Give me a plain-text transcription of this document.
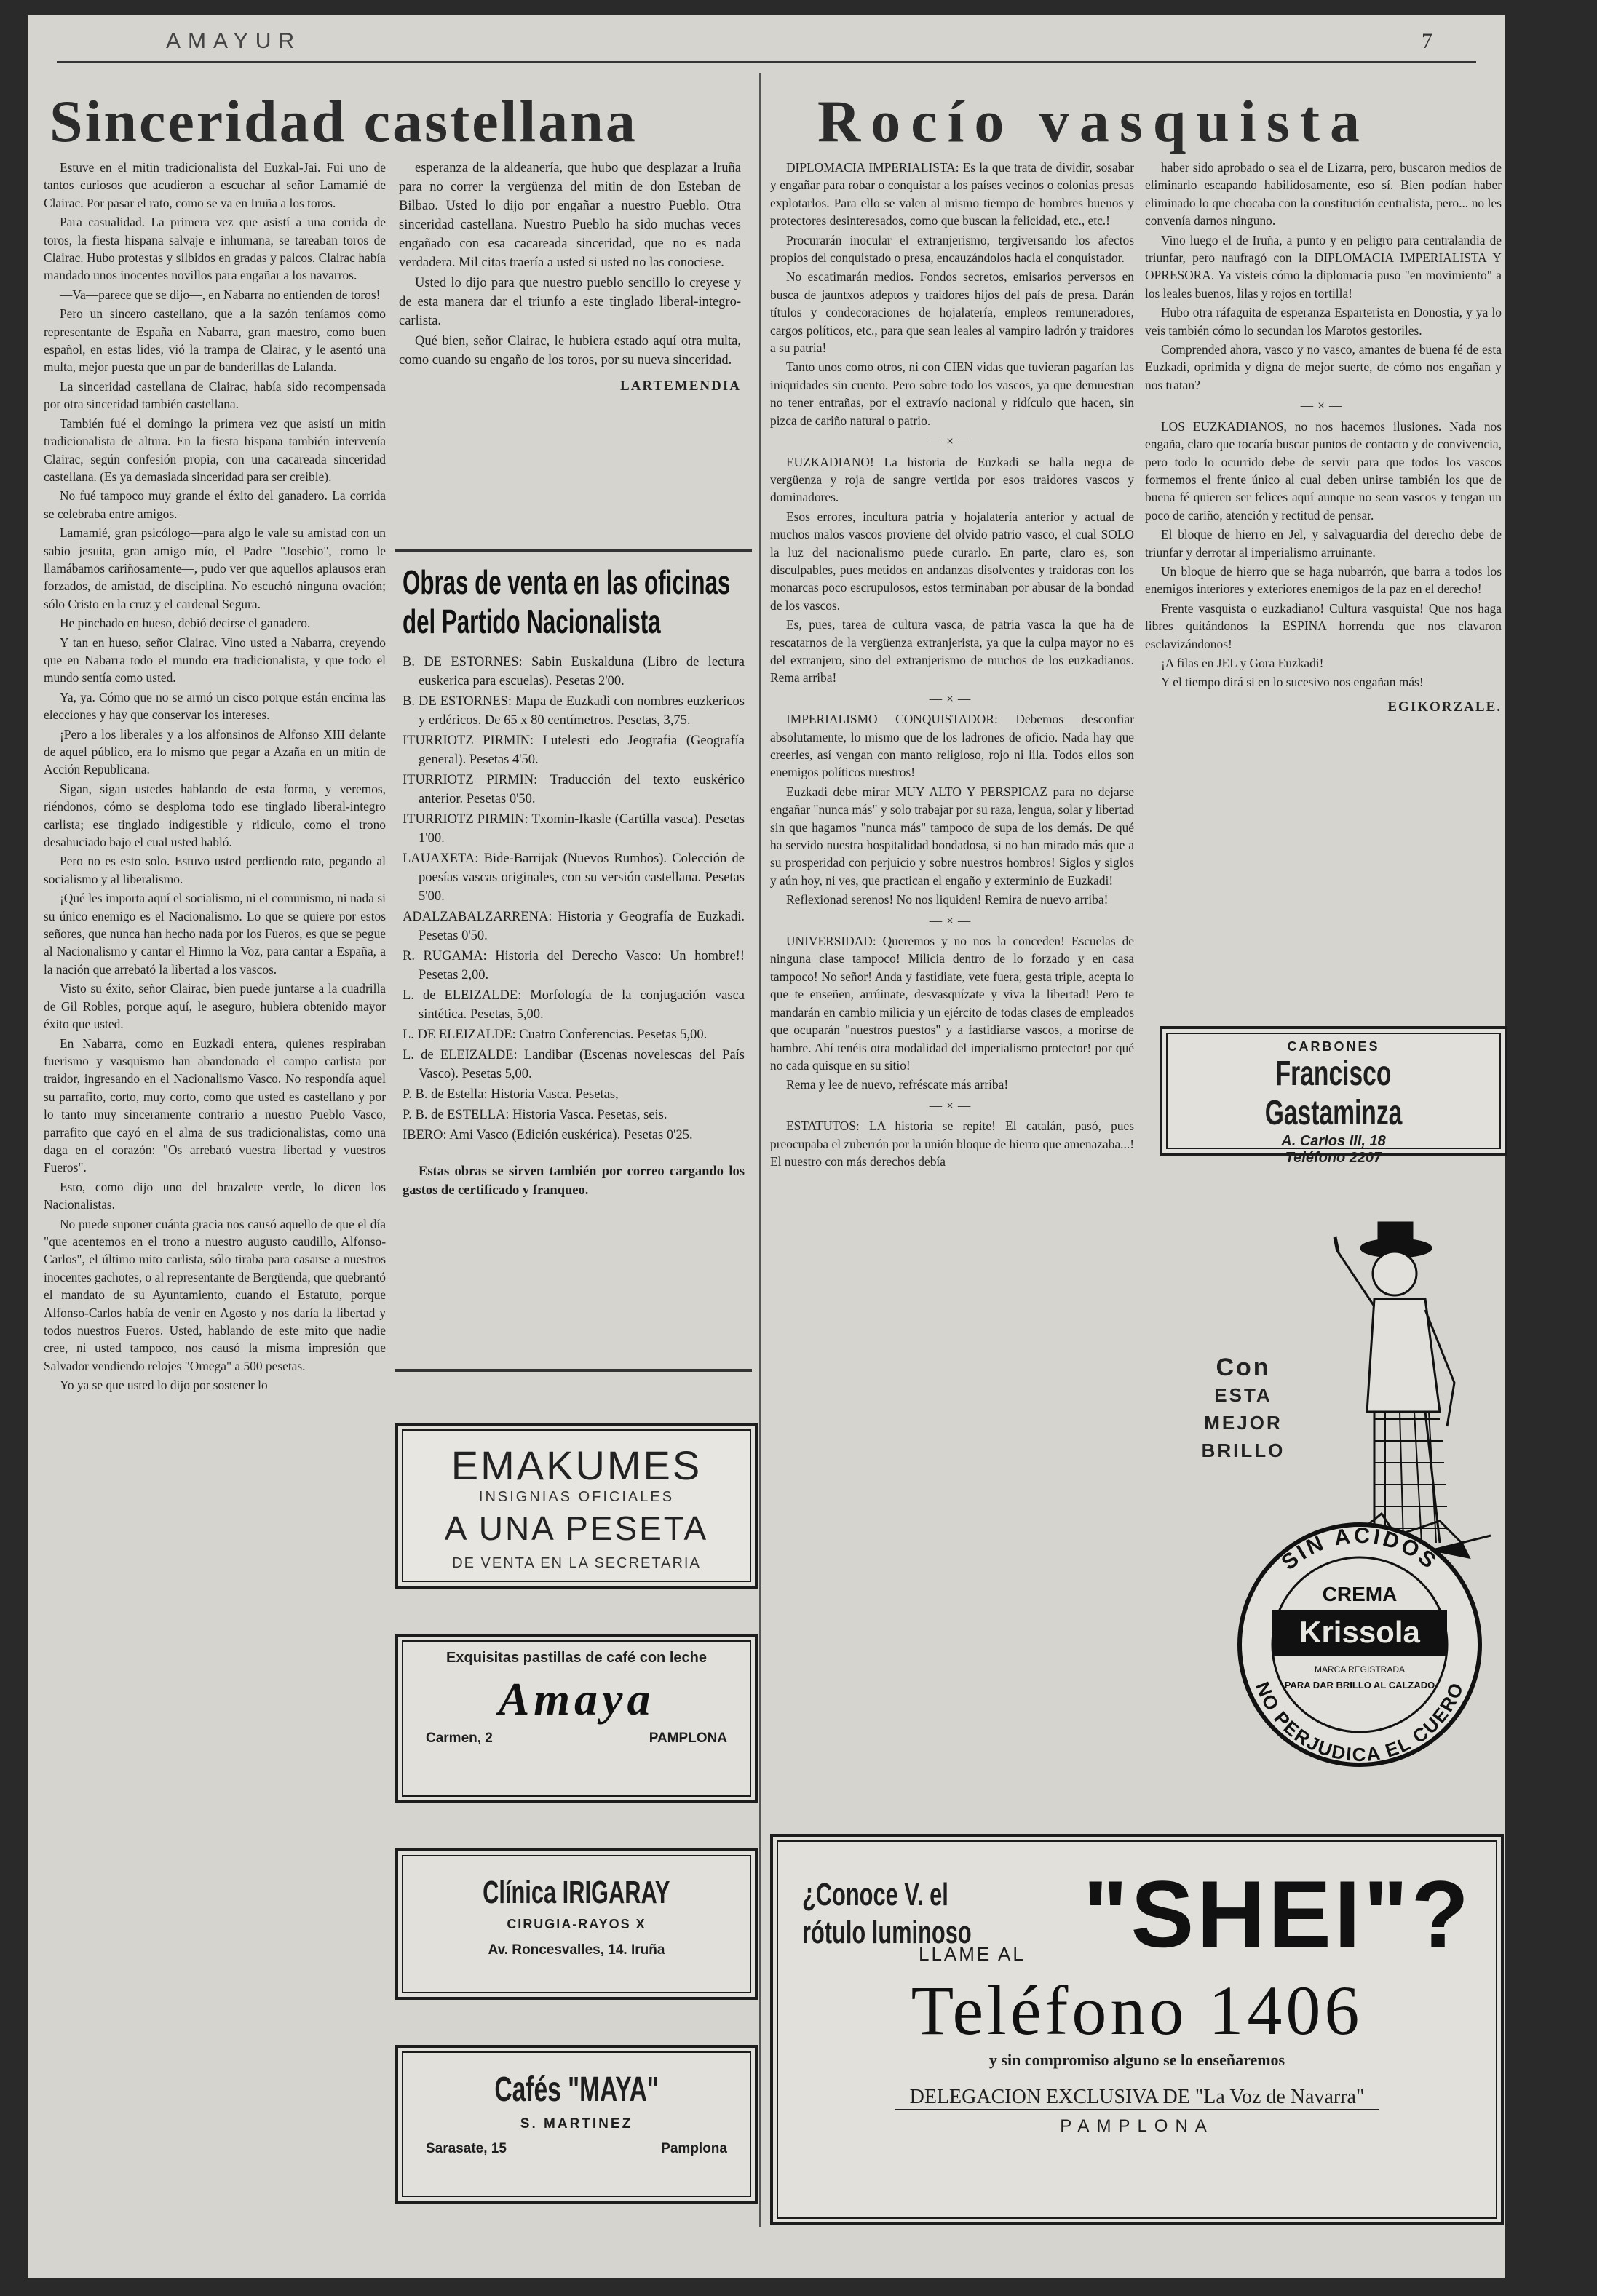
AMAYUR	7
Sinceridad castellana	Rocío vasquista

Estuve en el mitin tradicionalista del Euzkal-Jai. Fui uno de tantos curiosos que acudieron a escuchar al señor Lamamié de Clairac. Por pasar el rato, como se va en Iruña a los toros.

Para casualidad. La primera vez que asistí a una corrida de toros, la fiesta hispana salvaje e inhumana, se tareaban toros de Clairac. Hubo protestas y silbidos en gradas y palcos. Clairac había mandado unos inocentes novillos para engañar a los navarros.

—Va—parece que se dijo—, en Nabarra no entienden de toros!

Pero un sincero castellano, que a la sazón teníamos como representante de España en Nabarra, gran maestro, como buen español, en estas lides, vió la trampa de Clairac, y le asentó una multa, mejor puesta que un par de banderillas de Lalanda.

La sinceridad castellana de Clairac, había sido recompensada por otra sinceridad también castellana.

También fué el domingo la primera vez que asistí un mitin tradicionalista de altura. En la fiesta hispana también intervenía Clairac, según confesión propia, con una cacareada sinceridad castellana. (Es ya demasiada sinceridad para ser creible).

No fué tampoco muy grande el éxito del ganadero. La corrida se celebraba entre amigos.

Lamamié, gran psicólogo—para algo le vale su amistad con un sabio jesuita, gran amigo mío, el Padre "Josebio", como le llamábamos cariñosamente—, pudo ver que aquellos aplausos eran forzados, de amistad, de disciplina. No escuchó ninguna ovación; sólo Cristo en la cruz y el cardenal Segura.

He pinchado en hueso, debió decirse el ganadero.

Y tan en hueso, señor Clairac. Vino usted a Nabarra, creyendo que en Nabarra todo el mundo era tradicionalista, y que todo el mundo sentía como usted.

Ya, ya. Cómo que no se armó un cisco porque están encima las elecciones y hay que conservar los intereses.

¡Pero a los liberales y a los alfonsinos de Alfonso XIII delante de aquel público, era lo mismo que pegar a Azaña en un mitin de Acción Republicana.

Sigan, sigan ustedes hablando de esta forma, y veremos, riéndonos, cómo se desploma todo ese tinglado liberal-integro carlista; ese tinglado indigestible y ridiculo, como el trono desahuciado bajo el cual usted habló.

Pero no es esto solo. Estuvo usted perdiendo rato, pegando al socialismo y al liberalismo.

¡Qué les importa aquí el socialismo, ni el comunismo, ni nada si su único enemigo es el Nacionalismo. Lo que se quiere por estos señores, que nunca han hecho nada por los Fueros, es que se pegue al Nacionalismo y cantar el Himno la Voz, para cantar a España, a la nación que arrebató la libertad a los vascos.

Visto su éxito, señor Clairac, bien puede juntarse a la cuadrilla de Gil Robles, porque aquí, le aseguro, hubiera obtenido mayor éxito que usted.

En Nabarra, como en Euzkadi entera, quienes respiraban fuerismo y vasquismo han abandonado el campo carlista por traidor, ingresando en el Nacionalismo Vasco. No respondía aquel su parrafito, corto, muy corto, como que usted es castellano y por lo tanto muy sinceramente contrario a nuestro Pueblo Vasco, parrafito que cayó en el alma de sus tradicionalistas, como una daga en el corazón: "Os arrebató vuestra libertad y vuestros Fueros".

Esto, como dijo uno del brazalete verde, lo dicen los Nacionalistas.

No puede suponer cuánta gracia nos causó aquello de que el día "que acentemos en el trono a nuestro augusto caudillo, Alfonso-Carlos", el último mito carlista, sólo tiraba para casarse a nuestros inocentes gachotes, o al representante de Bergüenda, que quebrantó el mandato de su Ayuntamiento, cuando el Estatuto, porque Alfonso-Carlos había de venir en Agosto y nos daría la libertad y todos nuestros Fueros. Usted, hablando de este mito que nadie cree, ni usted tampoco, nos causó la misma impresión que Salvador vendiendo relojes "Omega" a 500 pesetas.

Yo ya se que usted lo dijo por sostener lo

esperanza de la aldeanería, que hubo que desplazar a Iruña para no correr la vergüenza del mitin de don Esteban de Bilbao. Usted lo dijo por engañar a nuestro Pueblo. Otra sinceridad castellana. Nuestro Pueblo ha sido muchas veces engañado con esa cacareada sinceridad, que no es nada verdadera. Mil citas traería a usted si usted no las conociese.

Usted lo dijo para que nuestro pueblo sencillo lo creyese y de esta manera dar el triunfo a este tinglado liberal-integro-carlista.

Qué bien, señor Clairac, le hubiera estado aquí otra multa, como cuando su engaño de los toros, por su nueva sinceridad.

LARTEMENDIA
Obras de venta en las oficinas del Partido Nacionalista
B. DE ESTORNES: Sabin Euskalduna (Libro de lectura euskerica para escuelas). Pesetas 2'00.
B. DE ESTORNES: Mapa de Euzkadi con nombres euzkericos y erdéricos. De 65 x 80 centímetros. Pesetas, 3,75.
ITURRIOTZ PIRMIN: Lutelesti edo Jeografia (Geografía general). Pesetas 4'50.
ITURRIOTZ PIRMIN: Traducción del texto euskérico anterior. Pesetas 0'50.
ITURRIOTZ PIRMIN: Txomin-Ikasle (Cartilla vasca). Pesetas 1'00.
LAUAXETA: Bide-Barrijak (Nuevos Rumbos). Colección de poesías vascas originales, con su versión castellana. Pesetas 5'00.
ADALZABALZARRENA: Historia y Geografía de Euzkadi. Pesetas 0'50.
R. RUGAMA: Historia del Derecho Vasco: Un hombre!! Pesetas 2,00.
L. de ELEIZALDE: Morfología de la conjugación vasca sintética. Pesetas, 5,00.
L. DE ELEIZALDE: Cuatro Conferencias. Pesetas 5,00.
L. de ELEIZALDE: Landibar (Escenas novelescas del País Vasco). Pesetas 5,00.
P. B. de Estella: Historia Vasca. Pesetas,
P. B. de ESTELLA: Historia Vasca. Pesetas, seis.
IBERO: Ami Vasco (Edición euskérica). Pesetas 0'25.
Estas obras se sirven también por correo cargando los gastos de certificado y franqueo.
EMAKUMES
INSIGNIAS OFICIALES
A UNA PESETA
DE VENTA EN LA SECRETARIA
Exquisitas pastillas de café con leche
Amaya
Carmen, 2	PAMPLONA
Clínica IRIGARAY
CIRUGIA-RAYOS X
Av. Roncesvalles, 14. Iruña
Cafés "MAYA"
S. MARTINEZ
Sarasate, 15	Pamplona

DIPLOMACIA IMPERIALISTA: Es la que trata de dividir, sosabar y engañar para robar o conquistar a los países vecinos o colonias presas explotarlos. Para ello se valen al mismo tiempo de hombres buenos y protectores desinteresados, como que buscan la felicidad, etc., etc.!

Procurarán inocular el extranjerismo, tergiversando los afectos propios del conquistado o presa, encauzándolos hacia el conquistador.

No escatimarán medios. Fondos secretos, emisarios perversos en busca de jauntxos adeptos y traidores hijos del país de presa. Darán títulos y condecoraciones de hojalatería, empleos remuneradores, cargos políticos, etc., para que sean leales al vampiro ladrón y traidores a su patria!

Tanto unos como otros, ni con CIEN vidas que tuvieran pagarían las iniquidades sin cuento. Pero sobre todo los vascos, ya que demuestran no tener entrañas, por el extravío nacional y ridículo que hacen, sin pizca de cariño natural o patrio.

—×—

EUZKADIANO! La historia de Euzkadi se halla negra de vergüenza y roja de sangre vertida por esos traidores vascos y dominadores.

Esos errores, incultura patria y hojalatería anterior y actual de muchos malos vascos proviene del olvido patrio vasco, el cual SOLO la luz del nacionalismo puede curarlo. En parte, claro es, son disculpables, pues metidos en andanzas disolventes y traidoras con los monarcas poco escrupulosos, estos terminaban por abusar de la bondad de los vascos.

Es, pues, tarea de cultura vasca, de patria vasca la que ha de rescatarnos de la vergüenza extranjerista, ya que la culpa mayor no es del extranjero, sino del extranjerismo de muchos de los euzkadianos. Rema arriba!

—×—

IMPERIALISMO CONQUISTADOR: Debemos desconfiar absolutamente, lo mismo que de los ladrones de oficio. Nada hay que creerles, así vengan con manto religioso, rojo ni lila. Todos ellos son enemigos políticos nuestros!

Euzkadi debe mirar MUY ALTO Y PERSPICAZ para no dejarse engañar "nunca más" y solo trabajar por su raza, lengua, solar y libertad sin que hagamos "nunca más" tampoco de supa de los demás. De qué ha servido nuestra hospitalidad bondadosa, si no han mirado más que a su prosperidad con perjuicio y sobre nuestros hombros! Siglos y siglos y aún hoy, ni ves, que practican el engaño y exterminio de Euzkadi!

Reflexionad serenos! No nos liquiden! Remira de nuevo arriba!

—×—

UNIVERSIDAD: Queremos y no nos la conceden! Escuelas de ninguna clase tampoco! Milicia dentro de lo forzado y en casa tampoco! No señor! Anda y fastidiate, vete fuera, gesta triple, acepta lo que te enseñen, arrúinate, desvasquízate y viva la libertad! Pero te mandarán en cambio milicia y un ejército de todas clases de empleados que ocuparán "nuestros puestos" y a fastidiarse vascos, a morirse de hambre. Ahí tenéis otra modalidad del imperialismo protector! por qué no cada quisque en su sitio!

Rema y lee de nuevo, refréscate más arriba!

—×—

ESTATUTOS: LA historia se repite! El catalán, pasó, pues preocupaba el zuberrón por la unión bloque de hierro que amenazaba...! El nuestro con más derechos debía

haber sido aprobado o sea el de Lizarra, pero, buscaron medios de eliminarlo escapando habilidosamente, eso sí. Bien podían haber eliminado lo que chocaba con la constitución centralista, pero... no les convenía darnos ninguno.

Vino luego el de Iruña, a punto y en peligro para centralandia de triunfar, pero naufragó con la DIPLOMACIA IMPERIALISTA Y OPRESORA. Ya visteis cómo la diplomacia puso "en movimiento" a los leales buenos, lilas y rojos en tortilla!

Hubo otra ráfaguita de esperanza Esparterista en Donostia, y ya lo veis también cómo lo secundan los Marotos gestoriles.

Comprended ahora, vasco y no vasco, amantes de buena fé de esta Euzkadi, oprimida y digna de mejor suerte, de cómo nos engañan y nos tratan?

—×—

LOS EUZKADIANOS, no nos hacemos ilusiones. Nada nos engaña, claro que tocaría buscar puntos de contacto y de convivencia, pero todo lo ocurrido debe de servir para que todos los vascos formemos el frente único al cual deben unirse también los que de buena fé quieren ser felices aquí aunque no sean vascos y tengan un poco de cariño, atención y rectitud de pensar.

El bloque de hierro en Jel, y salvaguardia del derecho debe de triunfar y derrotar al imperialismo arruinante.

Un bloque de hierro que se haga nubarrón, que barra a todos los enemigos interiores y exteriores enemigos de la paz en el derecho!

Frente vasquista o euzkadiano! Cultura vasquista! Que nos haga libres quitándonos la ESPINA horrenda que nos clavaron esclavizándonos!

¡A filas en JEL y Gora Euzkadi!

Y el tiempo dirá si en lo sucesivo nos engañan más!

EGIKORZALE.
CARBONES
Francisco Gastaminza
A. Carlos III, 18
Teléfono 2207
Con
ESTA
MEJOR
BRILLO
SIN ACIDOS
NO PERJUDICA EL CUERO
CREMA
Krissola
MARCA REGISTRADA
PARA DAR BRILLO AL CALZADO
¿Conoce V. el rótulo luminoso	"SHEI"?
LLAME AL
Teléfono 1406
y sin compromiso alguno se lo enseñaremos
DELEGACION EXCLUSIVA DE "La Voz de Navarra"
PAMPLONA
